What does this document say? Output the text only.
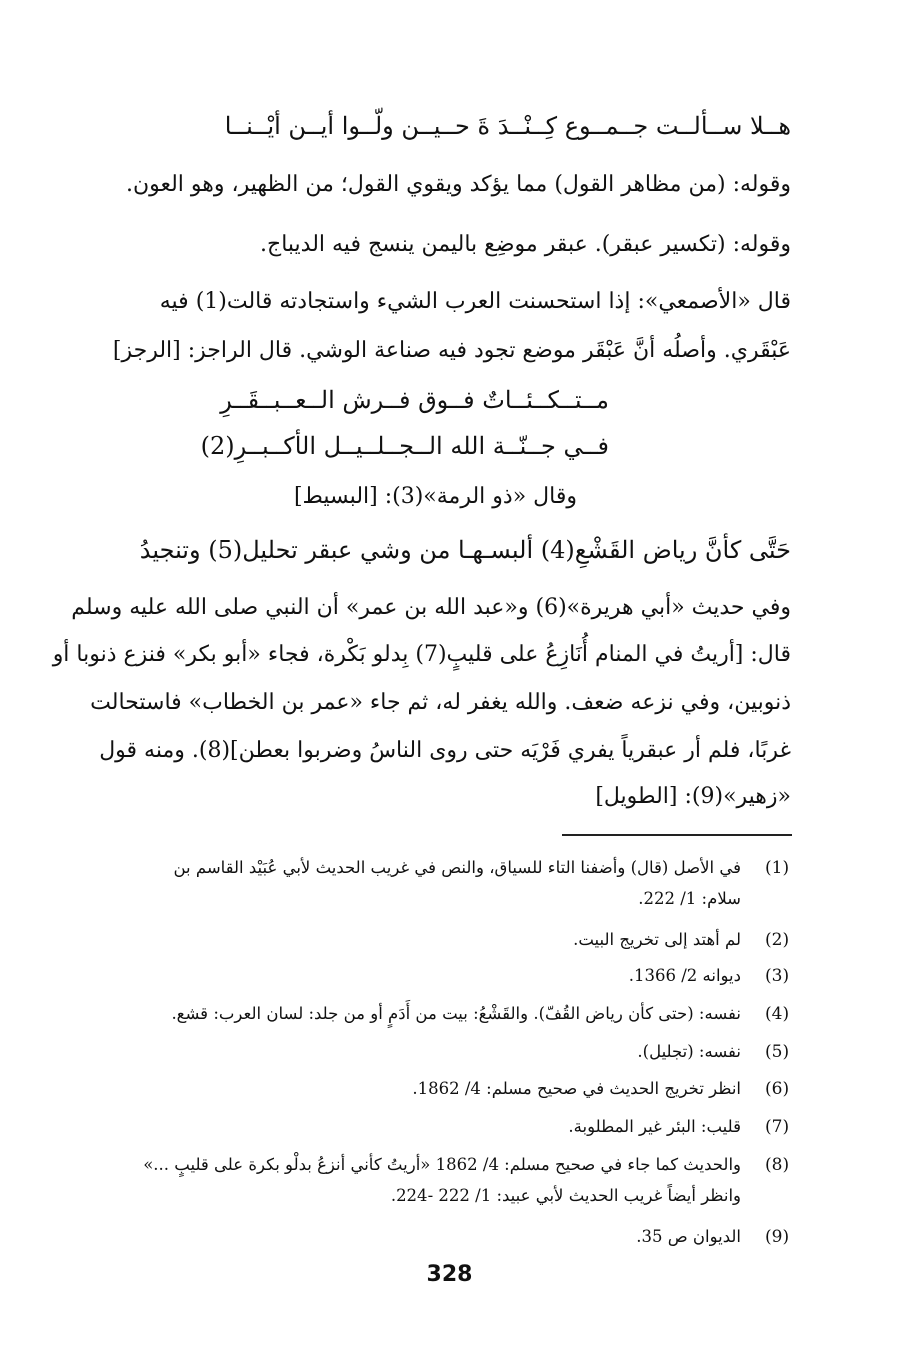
هــلا ســألــت جــمــوع كِــنْــدَ ةَ حــيــن ولّــوا أيــن أيْــنــا
وقوله: (من مظاهر القول) مما يؤكد ويقوي القول؛ من الظهير، وهو العون.
وقوله: (تكسير عبقر). عبقر موضِع باليمن ينسج فيه الديباج.
قال «الأصمعي»: إذا استحسنت العرب الشيء واستجادته قالت(1) فيه
عَبْقَري. وأصلُه أنَّ عَبْقَر موضع تجود فيه صناعة الوشي. قال الراجز: [الرجز]
مــتــكــئــاتٌ فــوق فــرش الــعــبــقَــرِ
فــي جــنّــة الله الــجــلــيــل الأكــبــرِ(2)
وقال «ذو الرمة»(3): [البسيط]
حَتَّى كأنَّ رياض القَشْعِ(4) ألبسـهـا من وشي عبقر تحليل(5) وتنجيدُ
وفي حديث «أبي هريرة»(6) و«عبد الله بن عمر» أن النبي صلى الله عليه وسلم
قال: [أريتُ في المنام أُنَازِعُ على قليبٍ(7) بِدلو بَكْرة، فجاء «أبو بكر» فنزع ذنوبا أو
ذنوبين، وفي نزعه ضعف. والله يغفر له، ثم جاء «عمر بن الخطاب» فاستحالت
غربًا، فلم أر عبقرياً يفري فَرْيَه حتى روى الناسُ وضربوا بعطن](8). ومنه قول
«زهير»(9): [الطويل]
(1)
في الأصل (قال) وأضفنا التاء للسياق، والنص في غريب الحديث لأبي عُبَيْد القاسم بن
سلام: 1/ 222.
(2)
لم أهتد إلى تخريج البيت.
(3)
ديوانه 2/ 1366.
(4)
نفسه: (حتى كأن رياض القُفّ). والقَشْعُ: بيت من أَدَمٍ أو من جلد: لسان العرب: قشع.
(5)
نفسه: (تجليل).
(6)
انظر تخريج الحديث في صحيح مسلم: 4/ 1862.
(7)
قليب: البئر غير المطلوبة.
(8)
والحديث كما جاء في صحيح مسلم: 4/ 1862 «أريتُ كأني أنزعُ بدلْو بكرة على قليبٍ ...»
وانظر أيضاً غريب الحديث لأبي عبيد: 1/ 222 -224.
(9)
الديوان ص 35.
328
